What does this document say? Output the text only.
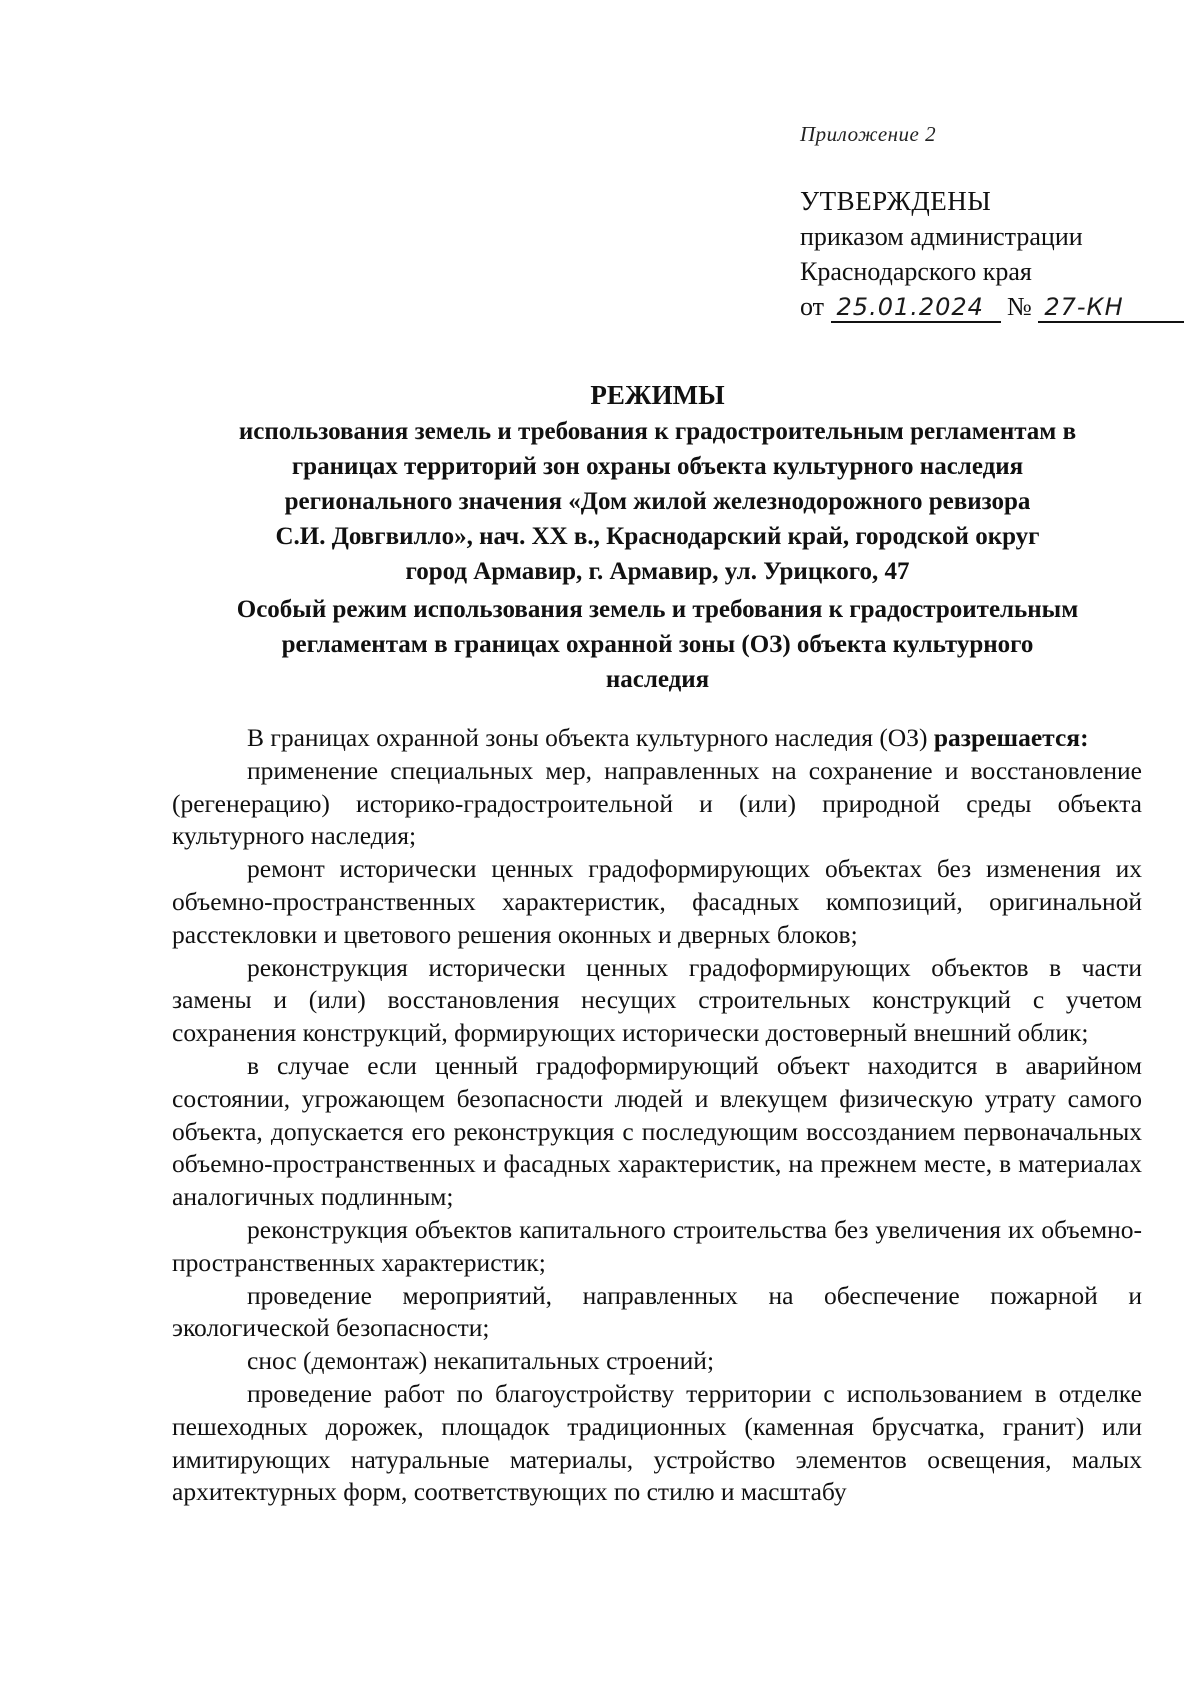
Приложение 2
УТВЕРЖДЕНЫ
приказом администрации
Краснодарского края
от 25.01.2024 № 27-КН
РЕЖИМЫ
использования земель и требования к градостроительным регламентам в
границах территорий зон охраны объекта культурного наследия
регионального значения «Дом жилой железнодорожного ревизора
С.И. Довгвилло», нач. XX в., Краснодарский край, городской округ
город Армавир, г. Армавир, ул. Урицкого, 47
Особый режим использования земель и требования к градостроительным
регламентам в границах охранной зоны (ОЗ) объекта культурного
наследия

В границах охранной зоны объекта культурного наследия (ОЗ) разрешается:

применение специальных мер, направленных на сохранение и восстановление (регенерацию) историко-градостроительной и (или) природной среды объекта культурного наследия;

ремонт исторически ценных градоформирующих объектах без изменения их объемно-пространственных характеристик, фасадных композиций, оригинальной расстекловки и цветового решения оконных и дверных блоков;

реконструкция исторически ценных градоформирующих объектов в части замены и (или) восстановления несущих строительных конструкций с учетом сохранения конструкций, формирующих исторически достоверный внешний облик;

в случае если ценный градоформирующий объект находится в аварийном состоянии, угрожающем безопасности людей и влекущем физическую утрату самого объекта, допускается его реконструкция с последующим воссозданием первоначальных объемно-пространственных и фасадных характеристик, на прежнем месте, в материалах аналогичных подлинным;

реконструкция объектов капитального строительства без увеличения их объемно-пространственных характеристик;

проведение мероприятий, направленных на обеспечение пожарной и экологической безопасности;

снос (демонтаж) некапитальных строений;

проведение работ по благоустройству территории с использованием в отделке пешеходных дорожек, площадок традиционных (каменная брусчатка, гранит) или имитирующих натуральные материалы, устройство элементов освещения, малых архитектурных форм, соответствующих по стилю и масштабу
